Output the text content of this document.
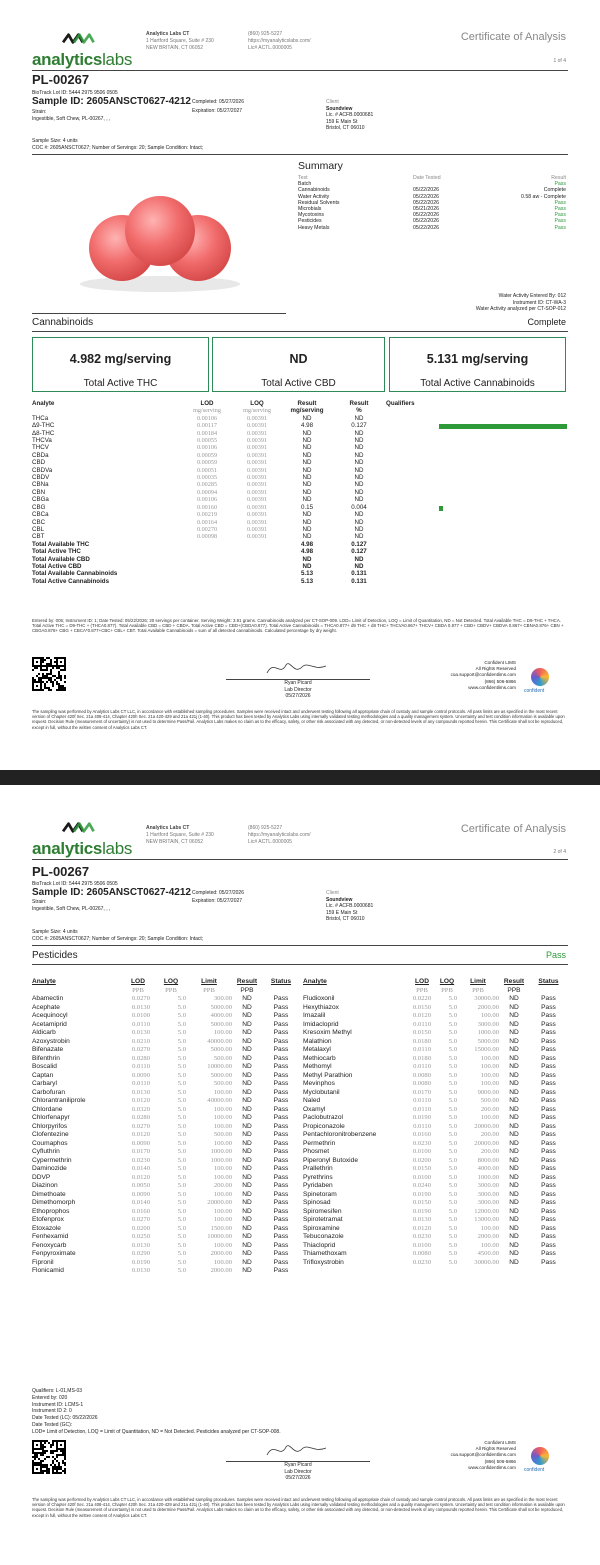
analyticslabs
Analytics Labs CT
1 Hartford Square, Suite # 230
NEW BRITAIN, CT 06052
(860) 925-5227
https://myanalyticslabs.com/
Lic# ACTL.0000005
Certificate of Analysis
1 of 4
PL-00267
BioTrack Lot ID: 5444 2975 9506 0505
Sample ID: 2605ANSCT0627-4212 Completed: 05/27/2026
Expiration: 05/27/2027
Strain:
Ingestible, Soft Chew, PL-00267, , ,
Client
Soundview
Lic. # ACFB.0000681
159 E Main St
Bristol, CT 06010
Sample Size: 4 units
COC #: 2605ANSCT0627; Number of Servings: 20; Sample Condition: Intact;
Summary
Test	Date Tested	Result
Batch		Pass
Cannabinoids	05/22/2026	Complete
Water Activity	05/22/2026	0.58 aw - Complete
Residual Solvents	05/22/2026	Pass
Microbials	05/21/2026	Pass
Mycotoxins	05/22/2026	Pass
Pesticides	05/22/2026	Pass
Heavy Metals	05/22/2026	Pass
Water Activity Entered By: 012
Instrument ID: CT-WA-3
Water Activity analyzed per CT-SOP-012
Cannabinoids	Complete
4.982 mg/serving
Total Active THC
ND
Total Active CBD
5.131 mg/serving
Total Active Cannabinoids
Analyte	LOD	LOQ	Result	Result	Qualifiers
	mg/serving	mg/serving	mg/serving	%	
THCa	0.00106	0.00391	ND	ND	
Δ9-THC	0.00117	0.00391	4.98	0.127	
Δ8-THC	0.00184	0.00391	ND	ND	
THCVa	0.00055	0.00391	ND	ND	
THCV	0.00106	0.00391	ND	ND	
CBDa	0.00059	0.00391	ND	ND	
CBD	0.00059	0.00391	ND	ND	
CBDVa	0.00051	0.00391	ND	ND	
CBDV	0.00035	0.00391	ND	ND	
CBNa	0.00285	0.00391	ND	ND	
CBN	0.00094	0.00391	ND	ND	
CBGa	0.00106	0.00391	ND	ND	
CBG	0.00160	0.00391	0.15	0.004	
CBCa	0.00219	0.00391	ND	ND	
CBC	0.00164	0.00391	ND	ND	
CBL	0.00270	0.00391	ND	ND	
CBT	0.00098	0.00391	ND	ND	
Total Available THC			4.98	0.127	
Total Active THC			4.98	0.127	
Total Available CBD			ND	ND	
Total Active CBD			ND	ND	
Total Available Cannabinoids			5.13	0.131	
Total Active Cannabinoids			5.13	0.131	
Entered by: 005; Instrument ID: 1; Date Tested: 05/22/2026; 20 servings per container. Serving Weight: 3.91 grams. Cannabinoids analyzed per CT-SOP-009. LOD= Limit of Detection, LOQ = Limit of Quantitation, ND = Not Detected. Total Available THC = D9-THC + THCA. Total Active THC = D9-THC + (THCA0.877). Total Available CBD = CBD + CBDA. Total Active CBD = CBD+(CBDA0.877). Total Active Cannabinoids = THCA0.877+ d9 THC + d8 THC+ THCVA0.867+ THCV+ CBDA 0.877 + CBD+ CBDV+ CBDVA 0.867+ CBNA0.876+ CBN + CBGA0.878+ CBG + CBCA*0.877+CBC+ CBL+ CBT. Total Available Cannabinoids = sum of all detected cannabinoids. Calculated percentage by dry weight.
Ryan Picard
Lab Director
05/27/2026
Confident LIMS
All Rights Reserved
coa.support@confidentlims.com
(866) 506-5866
www.confidentlims.com
confident
The sampling was performed by Analytics Labs CT LLC, in accordance with established sampling procedures. Samples were received intact and underwent testing following all appropriate chain of custody and sample control protocols. All pass limits are as specified in the most recent version of Chapter 420f Sec. 21a 408-414, Chapter 420h Sec. 21a 420-429 and 21a 421j (1-40). This product has been tested by Analytics Labs using internally validated testing methodologies and a quality management system. Uncertainty and test condition information is available upon request. Decision Rule (measurement of uncertainty) is not used to determine Pass/Fail. Analytics Labs makes no claim as to the efficacy, safety, or other risk associated with any detected, or non-detected levels of any compounds reported herein. This Certificate shall not be reproduced, except in full, without the written consent of Analytics Labs CT.
analyticslabs
Analytics Labs CT
1 Hartford Square, Suite # 230
NEW BRITAIN, CT 06052
(860) 925-5227
https://myanalyticslabs.com/
Lic# ACTL.0000005
Certificate of Analysis
2 of 4
PL-00267
BioTrack Lot ID: 5444 2975 9506 0505
Sample ID: 2605ANSCT0627-4212 Completed: 05/27/2026
Expiration: 05/27/2027
Strain:
Ingestible, Soft Chew, PL-00267, , ,
Client
Soundview
Lic. # ACFB.0000681
159 E Main St
Bristol, CT 06010
Sample Size: 4 units
COC #: 2605ANSCT0627; Number of Servings: 20; Sample Condition: Intact;
Pesticides	Pass
Analyte	LOD	LOQ	Limit	Result	Status
	PPB	PPB	PPB	PPB	
Abamectin	0.0270	5.0	300.00	ND	Pass
Acephate	0.0130	5.0	5000.00	ND	Pass
Acequinocyl	0.0100	5.0	4000.00	ND	Pass
Acetamiprid	0.0110	5.0	5000.00	ND	Pass
Aldicarb	0.0130	5.0	100.00	ND	Pass
Azoxystrobin	0.0210	5.0	40000.00	ND	Pass
Bifenazate	0.0270	5.0	5000.00	ND	Pass
Bifenthrin	0.0280	5.0	500.00	ND	Pass
Boscalid	0.0110	5.0	10000.00	ND	Pass
Captan	0.0090	5.0	5000.00	ND	Pass
Carbaryl	0.0110	5.0	500.00	ND	Pass
Carbofuran	0.0130	5.0	100.00	ND	Pass
Chlorantraniliprole	0.0120	5.0	40000.00	ND	Pass
Chlordane	0.0320	5.0	100.00	ND	Pass
Chlorfenapyr	0.0280	5.0	100.00	ND	Pass
Chlorpyrifos	0.0270	5.0	100.00	ND	Pass
Clofentezine	0.0120	5.0	500.00	ND	Pass
Coumaphos	0.0090	5.0	100.00	ND	Pass
Cyfluthrin	0.0170	5.0	1000.00	ND	Pass
Cypermethrin	0.0230	5.0	1000.00	ND	Pass
Daminozide	0.0140	5.0	100.00	ND	Pass
DDVP	0.0120	5.0	100.00	ND	Pass
Diazinon	0.0050	5.0	200.00	ND	Pass
Dimethoate	0.0090	5.0	100.00	ND	Pass
Dimethomorph	0.0140	5.0	20000.00	ND	Pass
Ethoprophos	0.0160	5.0	100.00	ND	Pass
Etofenprox	0.0270	5.0	100.00	ND	Pass
Etoxazole	0.0200	5.0	1500.00	ND	Pass
Fenhexamid	0.0250	5.0	10000.00	ND	Pass
Fenoxycarb	0.0130	5.0	100.00	ND	Pass
Fenpyroximate	0.0290	5.0	2000.00	ND	Pass
Fipronil	0.0190	5.0	100.00	ND	Pass
Flonicamid	0.0130	5.0	2000.00	ND	Pass
Analyte	LOD	LOQ	Limit	Result	Status
	PPB	PPB	PPB	PPB	
Fludioxonil	0.0220	5.0	30000.00	ND	Pass
Hexythiazox	0.0150	5.0	2000.00	ND	Pass
Imazalil	0.0120	5.0	100.00	ND	Pass
Imidacloprid	0.0110	5.0	3000.00	ND	Pass
Kresoxim Methyl	0.0150	5.0	1000.00	ND	Pass
Malathion	0.0180	5.0	5000.00	ND	Pass
Metalaxyl	0.0110	5.0	15000.00	ND	Pass
Methiocarb	0.0180	5.0	100.00	ND	Pass
Methomyl	0.0110	5.0	100.00	ND	Pass
Methyl Parathion	0.0080	5.0	100.00	ND	Pass
Mevinphos	0.0080	5.0	100.00	ND	Pass
Myclobutanil	0.0170	5.0	9000.00	ND	Pass
Naled	0.0110	5.0	500.00	ND	Pass
Oxamyl	0.0110	5.0	200.00	ND	Pass
Paclobutrazol	0.0190	5.0	100.00	ND	Pass
Propiconazole	0.0110	5.0	20000.00	ND	Pass
Pentachloronitrobenzene	0.0160	5.0	200.00	ND	Pass
Permethrin	0.0230	5.0	20000.00	ND	Pass
Phosmet	0.0100	5.0	200.00	ND	Pass
Piperonyl Butoxide	0.0200	5.0	8000.00	ND	Pass
Prallethrin	0.0150	5.0	4000.00	ND	Pass
Pyrethrins	0.0100	5.0	1000.00	ND	Pass
Pyridaben	0.0240	5.0	3000.00	ND	Pass
Spinetoram	0.0190	5.0	3000.00	ND	Pass
Spinosad	0.0150	5.0	3000.00	ND	Pass
Spiromesifen	0.0190	5.0	12000.00	ND	Pass
Spirotetramat	0.0130	5.0	13000.00	ND	Pass
Spiroxamine	0.0120	5.0	100.00	ND	Pass
Tebuconazole	0.0230	5.0	2000.00	ND	Pass
Thiacloprid	0.0100	5.0	100.00	ND	Pass
Thiamethoxam	0.0080	5.0	4500.00	ND	Pass
Trifloxystrobin	0.0230	5.0	30000.00	ND	Pass
Qualifiers: L-01,MS-03
Entered by: 020
Instrument ID: LCMS-1
Instrument ID 2: 0
Date Tested (LC): 05/22/2026
Date Tested (GC):
LOD= Limit of Detection, LOQ = Limit of Quantitation, ND = Not Detected. Pesticides analyzed per CT-SOP-008.
Ryan Picard
Lab Director
05/27/2026
Confident LIMS
All Rights Reserved
coa.support@confidentlims.com
(866) 506-5866
www.confidentlims.com confident
The sampling was performed by Analytics Labs CT LLC, in accordance with established sampling procedures. Samples were received intact and underwent testing following all appropriate chain of custody and sample control protocols. All pass limits are as specified in the most recent version of Chapter 420f Sec. 21a 408-414, Chapter 420h Sec. 21a 420-429 and 21a 421j (1-40). This product has been tested by Analytics Labs using internally validated testing methodologies and a quality management system. Uncertainty and test condition information is available upon request. Decision Rule (measurement of uncertainty) is not used to determine Pass/Fail. Analytics Labs makes no claim as to the efficacy, safety, or other risk associated with any detected, or non-detected levels of any compounds reported herein. This Certificate shall not be reproduced, except in full, without the written consent of Analytics Labs CT.
